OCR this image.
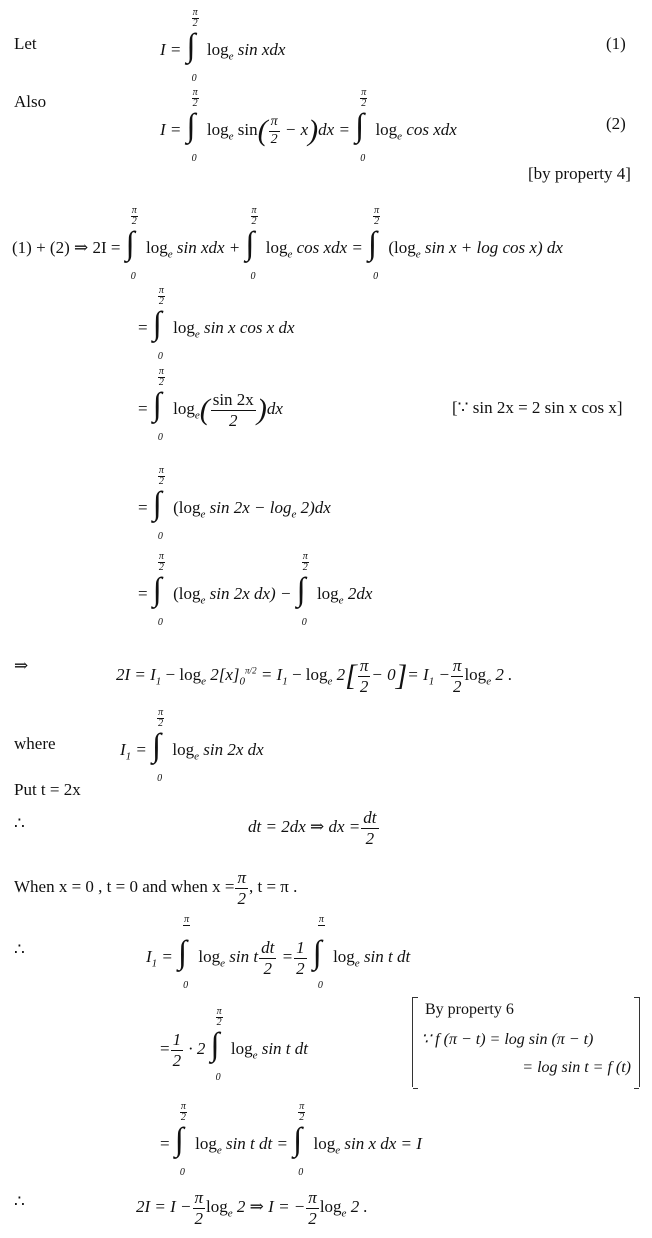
Let	I = ∫
π
2
0
$\log_e \sin$ xdx	(1)
Also
I = ∫
π
2
0
$\log_e \sin( \frac{\pi}{2} - x)dx$ = ∫
π
2
0
$\log_e \cos$ xdx	(2)
[by property 4]
(1) + (2) ⇒ 2I = ∫
π
2
0
$\log_e \sin$ xdx + ∫
π
2
0
$\log_e \cos$ xdx = ∫
π
2
0
($\log_e$ sin x + log cos x) dx
= ∫
π
2
0
$\log_e \sin x$ cos x dx
= ∫
π
2
0
$\log_e( \frac{\sin 2x}{2} )dx$	[∵ sin 2x = 2 sin x cos x]
= ∫
π
2
0
($\log_e$ $\sin 2x - \log_e 2)dx$
= ∫
π
2
0
($\log_e$ sin 2x dx) − ∫
π
2
0
$\log_e 2dx$
⇒	$2I = I_1 - \log_e 2[x]_0^{\pi/2} = I_1 - \log_e 2[ \frac{\pi}{2} - 0]= I_1 - \frac{\pi}{2} \log_e 2$ .
where	$I_1$ = ∫
π
2
0
$\log_e \sin 2x$ dx
Put t = 2x
∴	dt = 2dx ⇒ dx = $\frac{dt}{2}$
When x = 0 , t = 0 and when $x = \frac{\pi}{2}$ , t = π .
∴	$I_1$ = ∫
π
0
$\log_e \sin t \frac{dt}{2} = \frac{1}{2}$
∫
π
0
$\log_e \sin t$ dt
= $\frac{1}{2} \cdot 2$ ∫
π
2
0
$\log_e \sin t$ dt
By property 6
∵ f (π − t) = log sin (π − t)
= log sin t = f (t)
= ∫
π
2
0
$\log_e \sin t$ dt = ∫
π
2
0
$\log_e \sin x$ dx = I
∴	$2I = I - \frac{\pi}{2} \log_e 2$ ⇒ I = − $\frac{\pi}{2} \log_e 2$ .
